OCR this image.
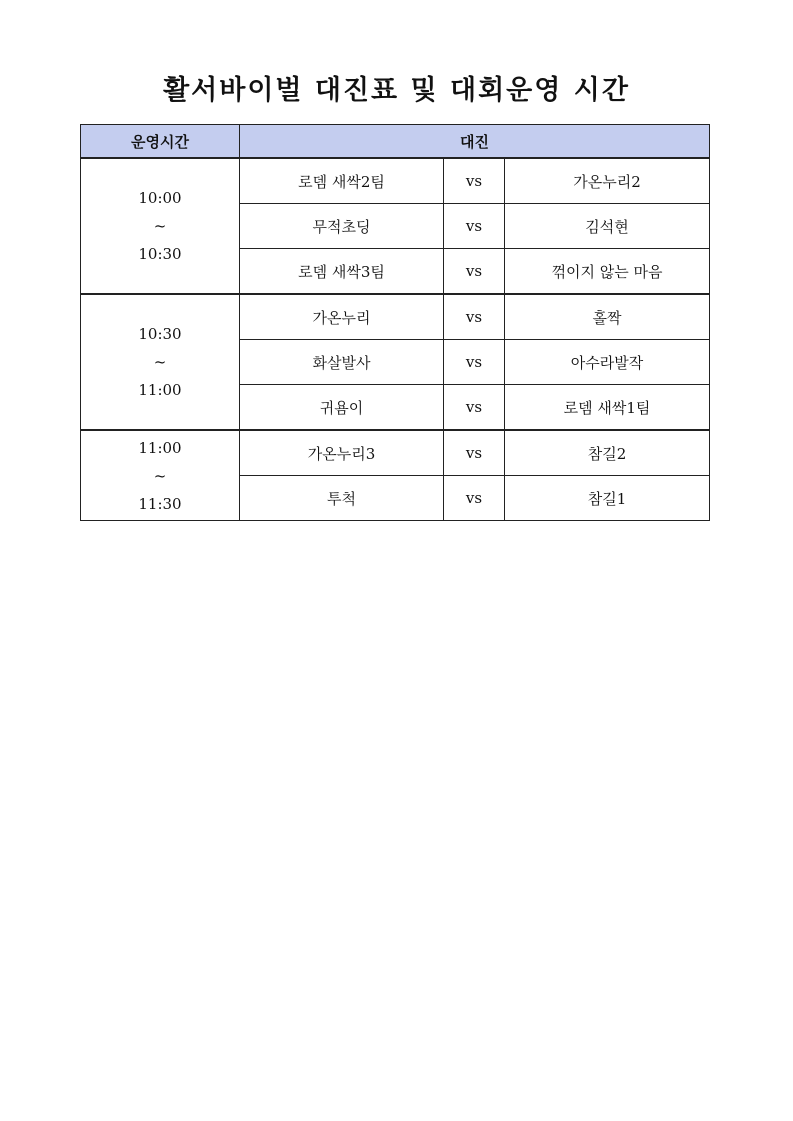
활서바이벌 대진표 및 대회운영 시간
운영시간	대진		

10:00
~
10:30	로뎀 새싹2팀	vs	가온누리2
	무적초딩	vs	김석현
	로뎀 새싹3팀	vs	꺾이지 않는 마음

10:30
~
11:00	가온누리	vs	홀짝
	화살발사	vs	아수라발작
	귀욤이	vs	로뎀 새싹1팀

11:00
~
11:30	가온누리3	vs	참길2
	투척	vs	참길1
